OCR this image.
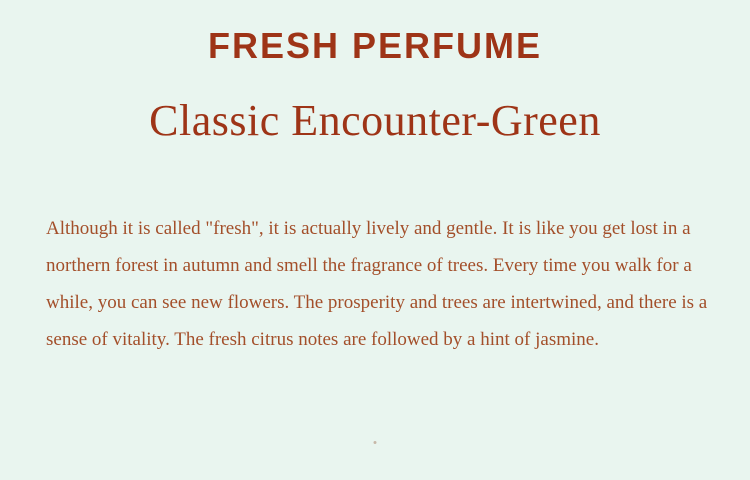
FRESH PERFUME
Classic Encounter-Green

Although it is called "fresh", it is actually lively and gentle. It is like you get lost in a northern forest in autumn and smell the fragrance of trees. Every time you walk for a while, you can see new flowers. The prosperity and trees are intertwined, and there is a sense of vitality. The fresh citrus notes are followed by a hint of jasmine.
